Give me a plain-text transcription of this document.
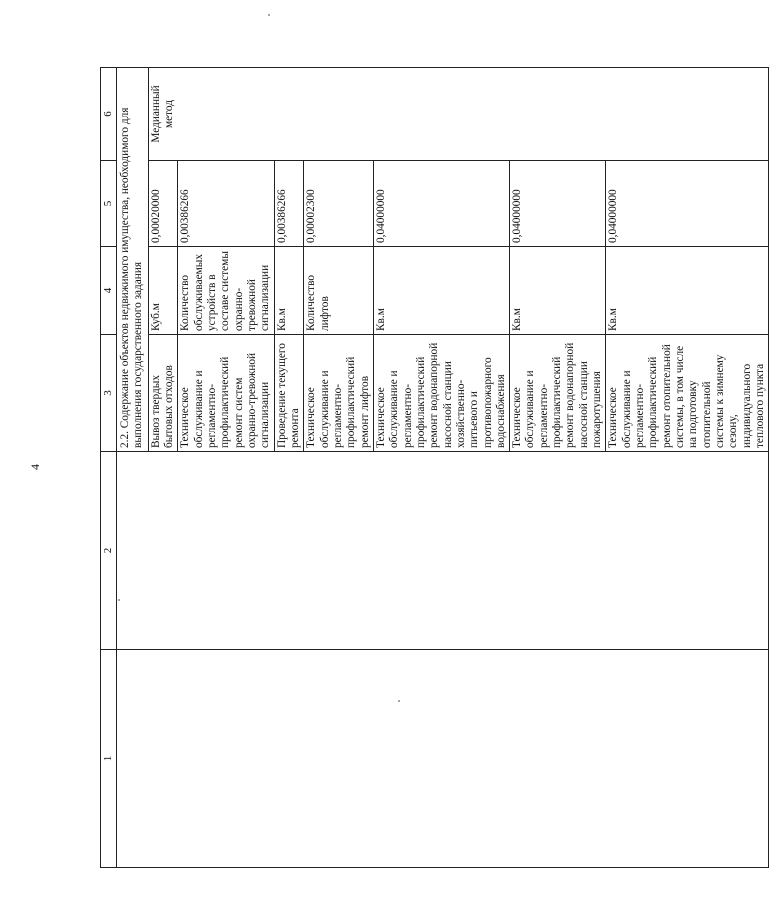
4
1	2	3	4	5	6
		2.2. Содержание объектов недвижимого имущества, необходимого для выполнения государственного задания			
		Вывоз твердых бытовых отходов	Куб.м	0,00020000	Медианный метод
		Техническое обслуживание и регламентно-профилактический ремонт систем охранно-тревожной сигнализации	Количество обслуживаемых устройств в составе системы охранно-тревожной сигнализации	0,00386266	
		Проведение текущего ремонта	Кв.м	0,00386266	
		Техническое обслуживание и регламентно-профилактический ремонт лифтов	Количество лифтов	0,00002300	
		Техническое обслуживание и регламентно-профилактический ремонт водонапорной насосной станции хозяйственно-питьевого и противопожарного водоснабжения	Кв.м	0,04000000	
		Техническое обслуживание и регламентно-профилактический ремонт водонапорной насосной станции пожаротушения	Кв.м	0,04000000	
		Техническое обслуживание и регламентно-профилактический ремонт отопительной системы, в том числе на подготовку отопительной системы к зимнему сезону, индивидуального теплового пункта	Кв.м	0,04000000	
